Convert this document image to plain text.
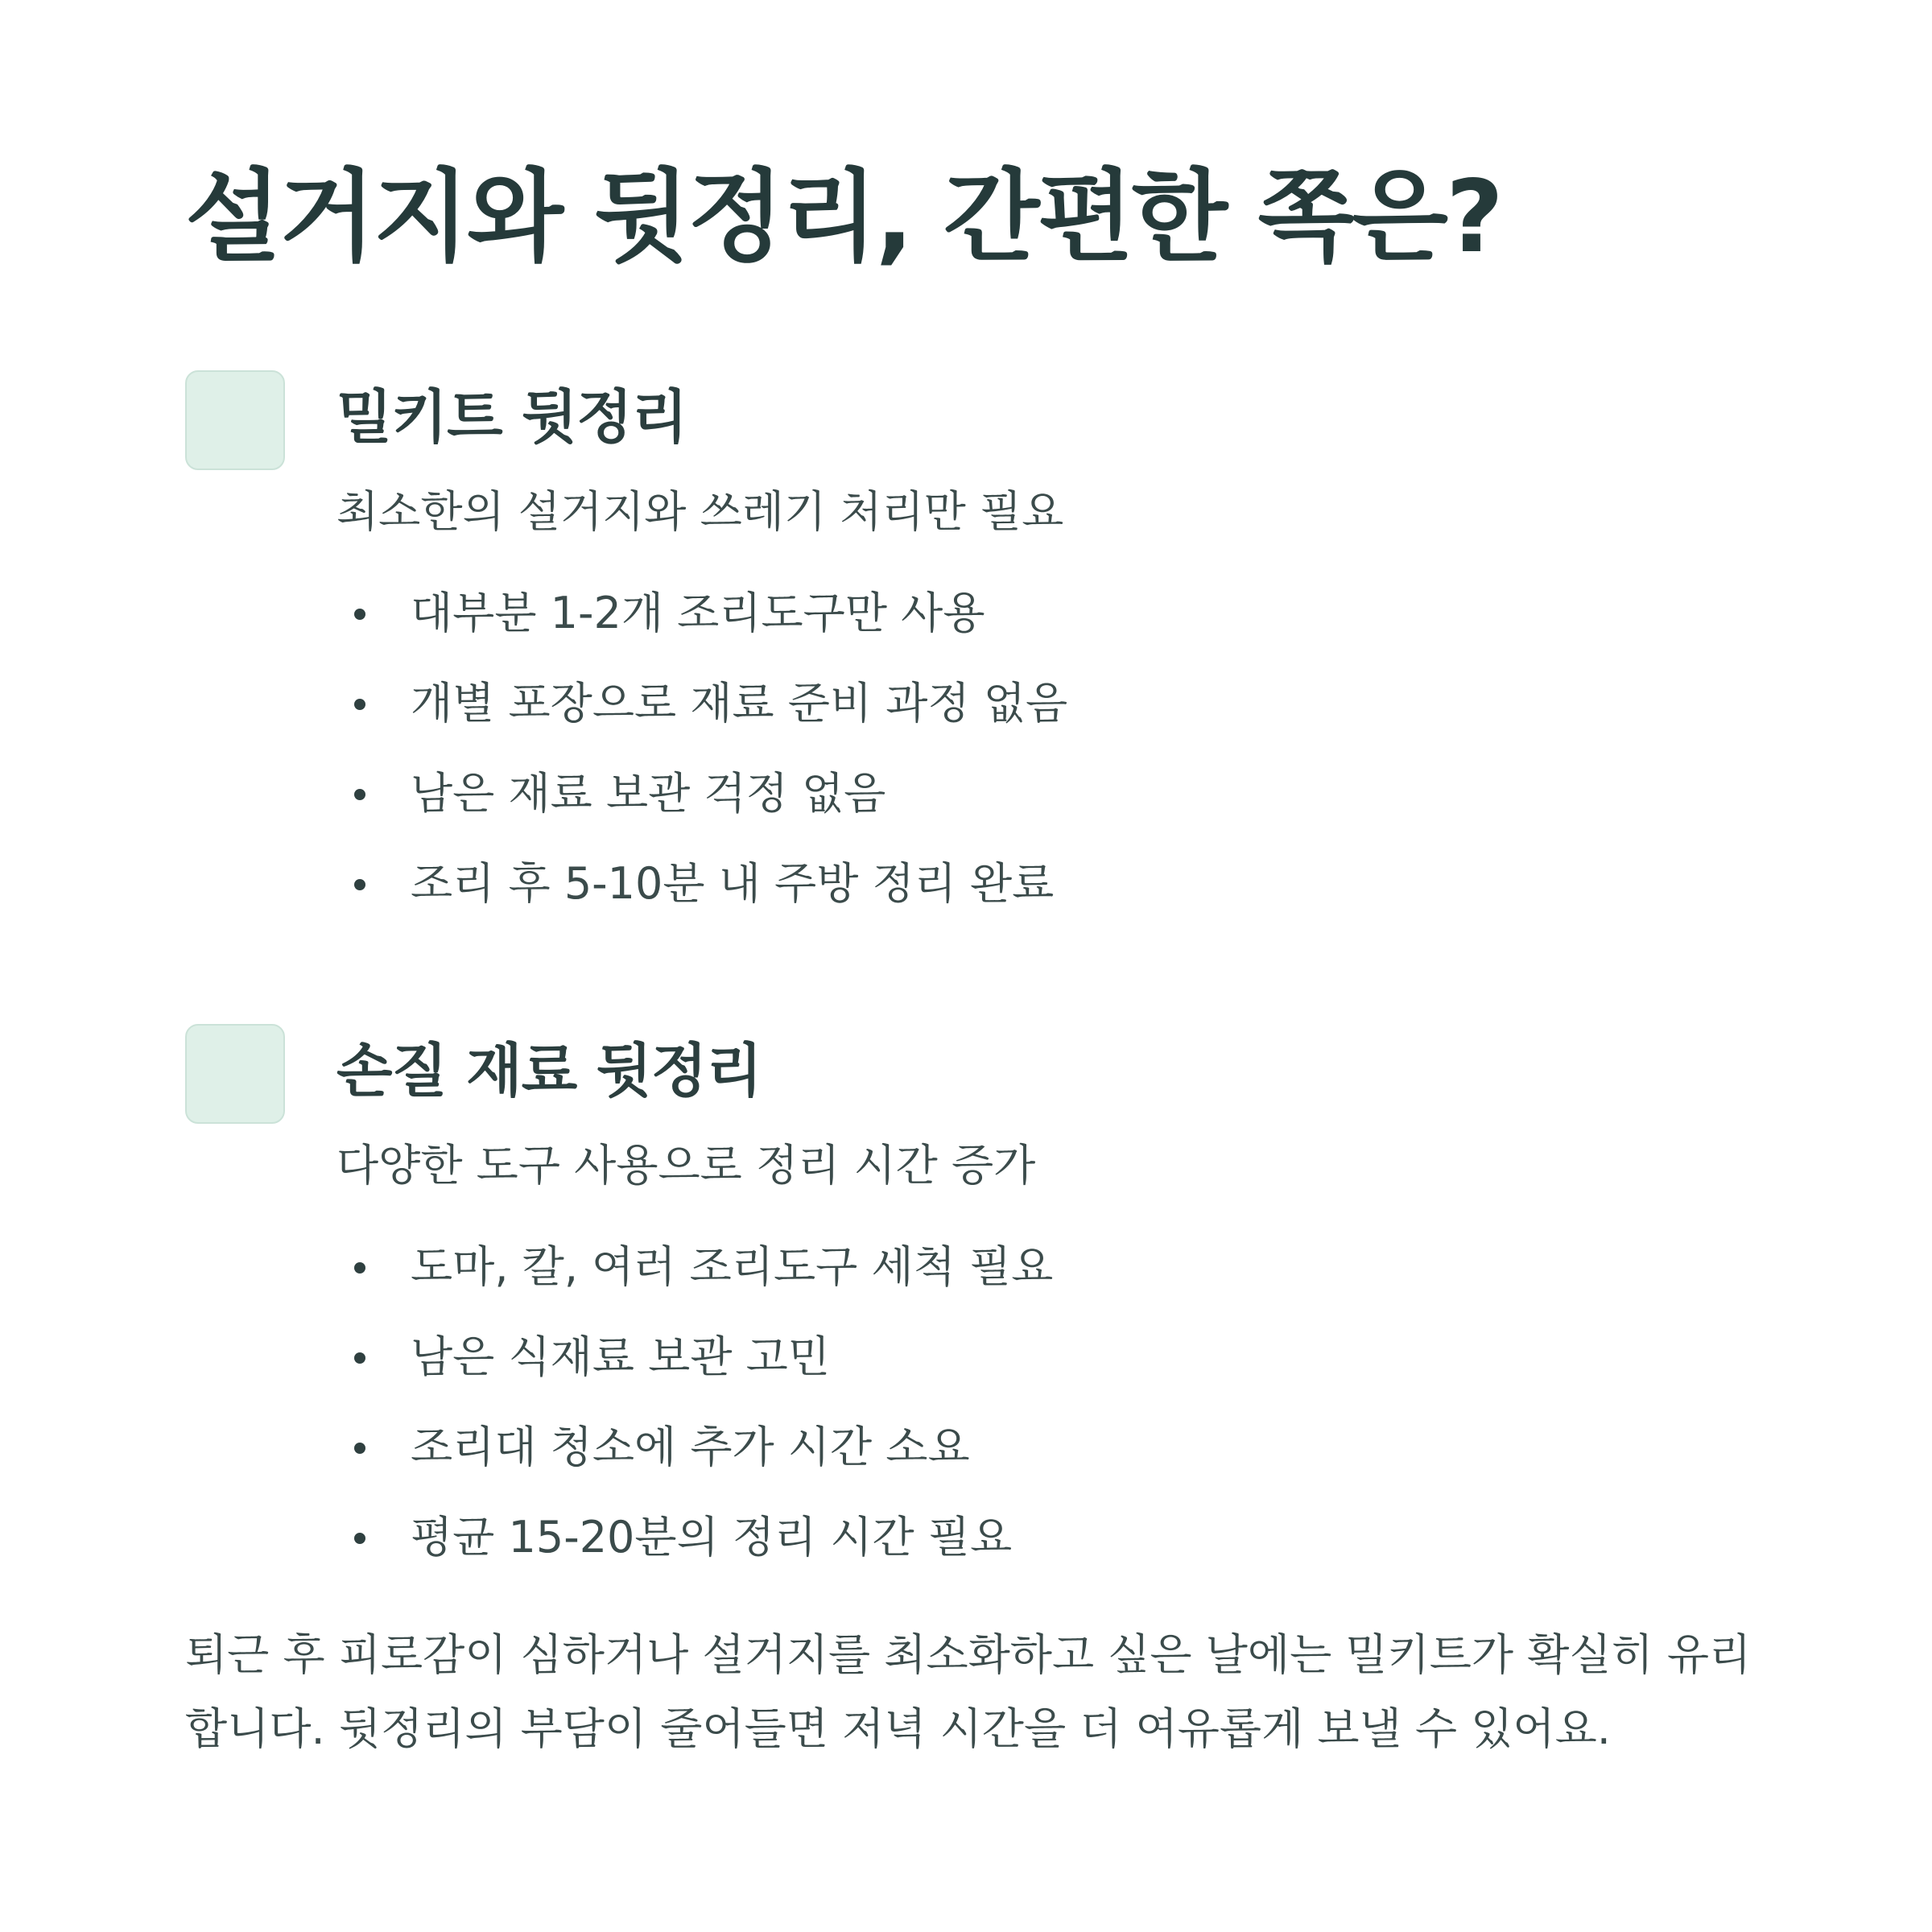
설거지와 뒷정리, 간편한 쪽은?
밀키트 뒷정리

최소한의 설거지와 쓰레기 처리만 필요

대부분 1-2개 조리도구만 사용
개별 포장으로 재료 준비 과정 없음
남은 재료 보관 걱정 없음
조리 후 5-10분 내 주방 정리 완료
손질 재료 뒷정리

다양한 도구 사용으로 정리 시간 증가

도마, 칼, 여러 조리도구 세척 필요
남은 식재료 보관 고민
조리대 청소에 추가 시간 소요
평균 15-20분의 정리 시간 필요

퇴근 후 피로감이 심하거나 설거지를 최소화하고 싶은 날에는 밀키트가 확실히 유리합니다. 뒷정리의 부담이 줄어들면 저녁 시간을 더 여유롭게 보낼 수 있어요.
